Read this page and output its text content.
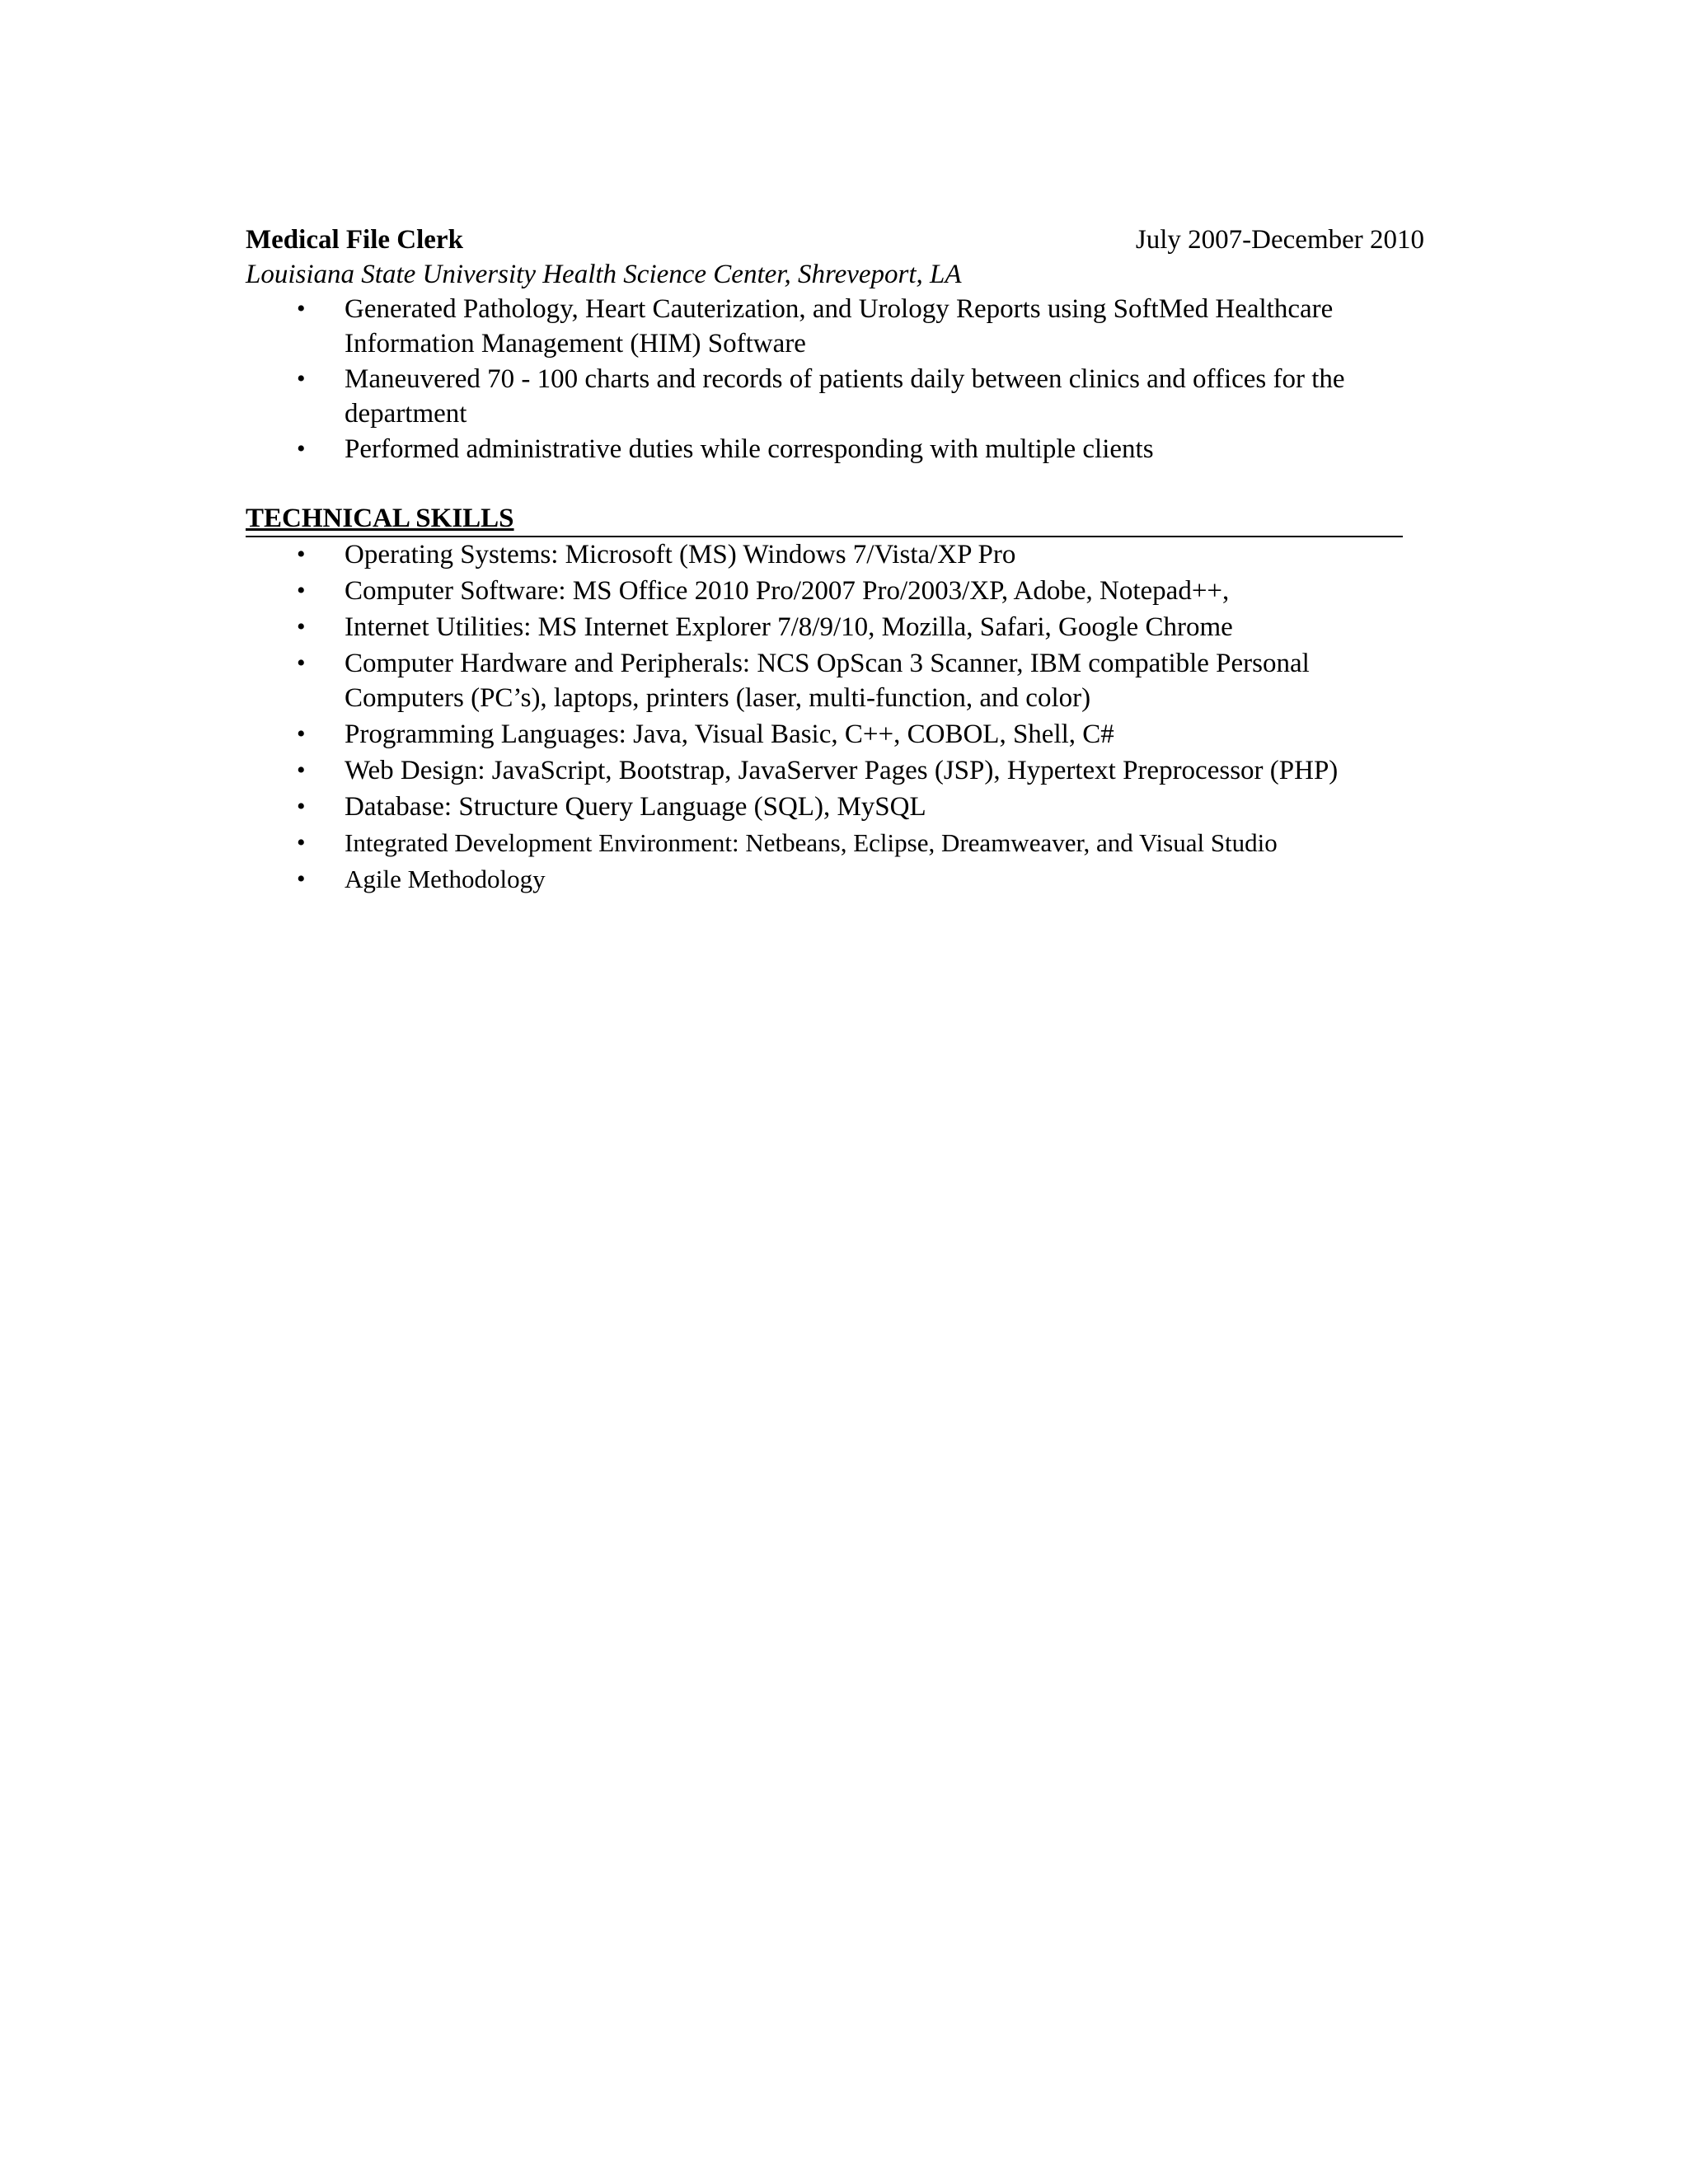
Medical File Clerk	July 2007-December 2010
Louisiana State University Health Science Center, Shreveport, LA
• Generated Pathology, Heart Cauterization, and Urology Reports using SoftMed Healthcare Information Management (HIM) Software
• Maneuvered 70 - 100 charts and records of patients daily between clinics and offices for the department
• Performed administrative duties while corresponding with multiple clients
TECHNICAL SKILLS
• Operating Systems: Microsoft (MS) Windows 7/Vista/XP Pro
• Computer Software: MS Office 2010 Pro/2007 Pro/2003/XP, Adobe, Notepad++,
• Internet Utilities: MS Internet Explorer 7/8/9/10, Mozilla, Safari, Google Chrome
• Computer Hardware and Peripherals: NCS OpScan 3 Scanner, IBM compatible Personal Computers (PC’s), laptops, printers (laser, multi-function, and color)
• Programming Languages: Java, Visual Basic, C++, COBOL, Shell, C#
• Web Design: JavaScript, Bootstrap, JavaServer Pages (JSP), Hypertext Preprocessor (PHP)
• Database: Structure Query Language (SQL), MySQL
• Integrated Development Environment: Netbeans, Eclipse, Dreamweaver, and Visual Studio
• Agile Methodology
